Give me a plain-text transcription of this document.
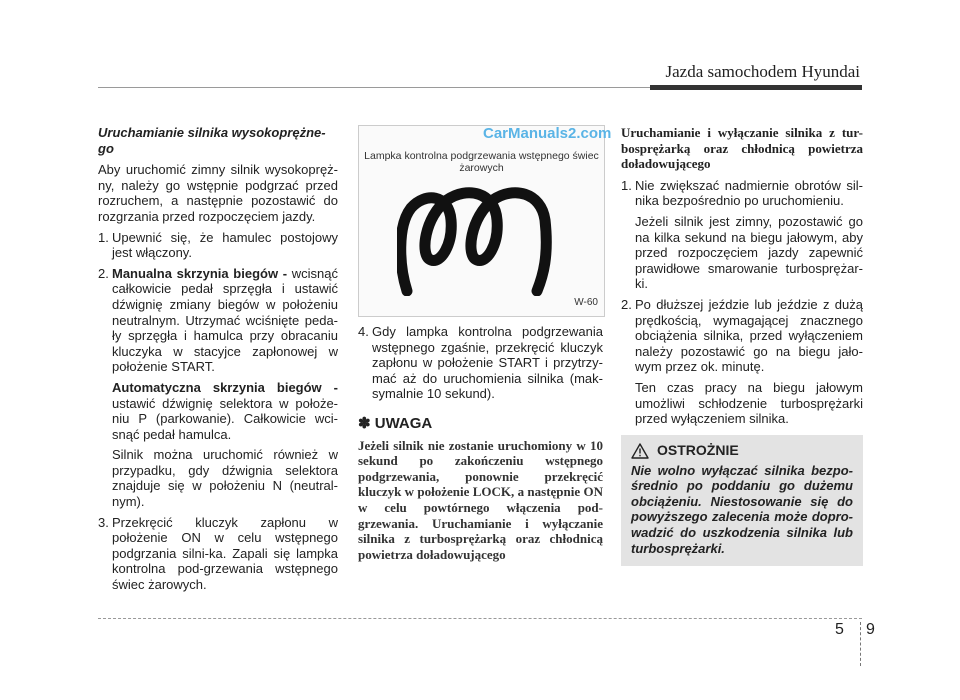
Jazda samochodem Hyundai
Uruchamianie silnika wysokoprężne-go

Aby uruchomić zimny silnik wysokopręż-ny, należy go wstępnie podgrzać przed rozruchem, a następnie pozostawić do rozgrzania przed rozpoczęciem jazdy.

1. Upewnić się, że hamulec postojowy jest włączony.
2. Manualna skrzynia biegów - wcisnąć całkowicie pedał sprzęgła i ustawić dźwignię zmiany biegów w położeniu neutralnym. Utrzymać wciśnięte peda-ły sprzęgła i hamulca przy obracaniu kluczyka w stacyjce zapłonowej w położenie START.
Automatyczna skrzynia biegów - ustawić dźwignię selektora w położe-niu P (parkowanie). Całkowicie wci-snąć pedał hamulca.
Silnik można uruchomić również w przypadku, gdy dźwignia selektora znajduje się w położeniu N (neutral-nym).
3. Przekręcić kluczyk zapłonu w położenie ON w celu wstępnego podgrzania silni-ka. Zapali się lampka kontrolna pod-grzewania wstępnego świec żarowych.
CarManuals2.com
Lampka kontrolna podgrzewania wstępnego świec żarowych
W-60
4. Gdy lampka kontrolna podgrzewania wstępnego zgaśnie, przekręcić kluczyk zapłonu w położenie START i przytrzy-mać aż do uruchomienia silnika (mak-symalnie 10 sekund).
✽ UWAGA
Jeżeli silnik nie zostanie uruchomiony w 10 sekund po zakończeniu wstępnego podgrzewania, ponownie przekręcić kluczyk w położenie LOCK, a następnie ON w celu powtórnego włączenia pod-grzewania. Uruchamianie i wyłączanie silnika z turbosprężarką oraz chłodnicą powietrza doładowującego
Uruchamianie i wyłączanie silnika z tur-bosprężarką oraz chłodnicą powietrza doładowującego
1. Nie zwiększać nadmiernie obrotów sil-nika bezpośrednio po uruchomieniu.
Jeżeli silnik jest zimny, pozostawić go na kilka sekund na biegu jałowym, aby przed rozpoczęciem jazdy zapewnić prawidłowe smarowanie turbosprężar-ki.
2. Po dłuższej jeździe lub jeździe z dużą prędkością, wymagającej znacznego obciążenia silnika, przed wyłączeniem należy pozostawić go na biegu jało-wym przez ok. minutę.
Ten czas pracy na biegu jałowym umożliwi schłodzenie turbosprężarki przed wyłączeniem silnika.
OSTROŻNIE
Nie wolno wyłączać silnika bezpo-średnio po poddaniu go dużemu obciążeniu. Niestosowanie się do powyższego zalecenia może dopro-wadzić do uszkodzenia silnika lub turbosprężarki.
5 9
